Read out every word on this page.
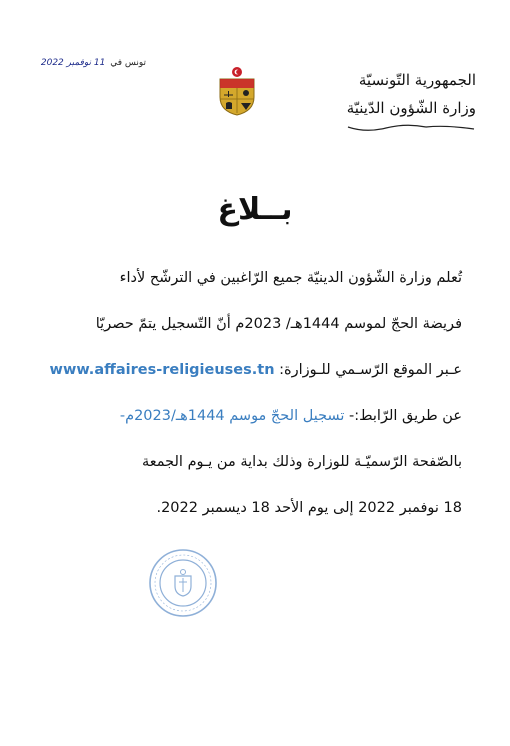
تونس في 11 نوفمبر 2022
الجمهورية التّونسيّة
وزارة الشّؤون الدّينيّة
بــلاغ
تُعلم وزارة الشّؤون الدينيّة جميع الرّاغبين في الترشّح لأداء
فريضة الحجّ لموسم 1444هـ/ 2023م أنّ التّسجيل يتمّ حصريّا
عـبر الموقع الرّسـمي للـوزارة: www.affaires-religieuses.tn
عن طريق الرّابط:- تسجيل الحجّ موسم 1444هـ/2023م-
بالصّفحة الرّسميّـة للوزارة وذلك بداية من يـوم الجمعة
18 نوفمبر 2022 إلى يوم الأحد 18 ديسمبر 2022.
